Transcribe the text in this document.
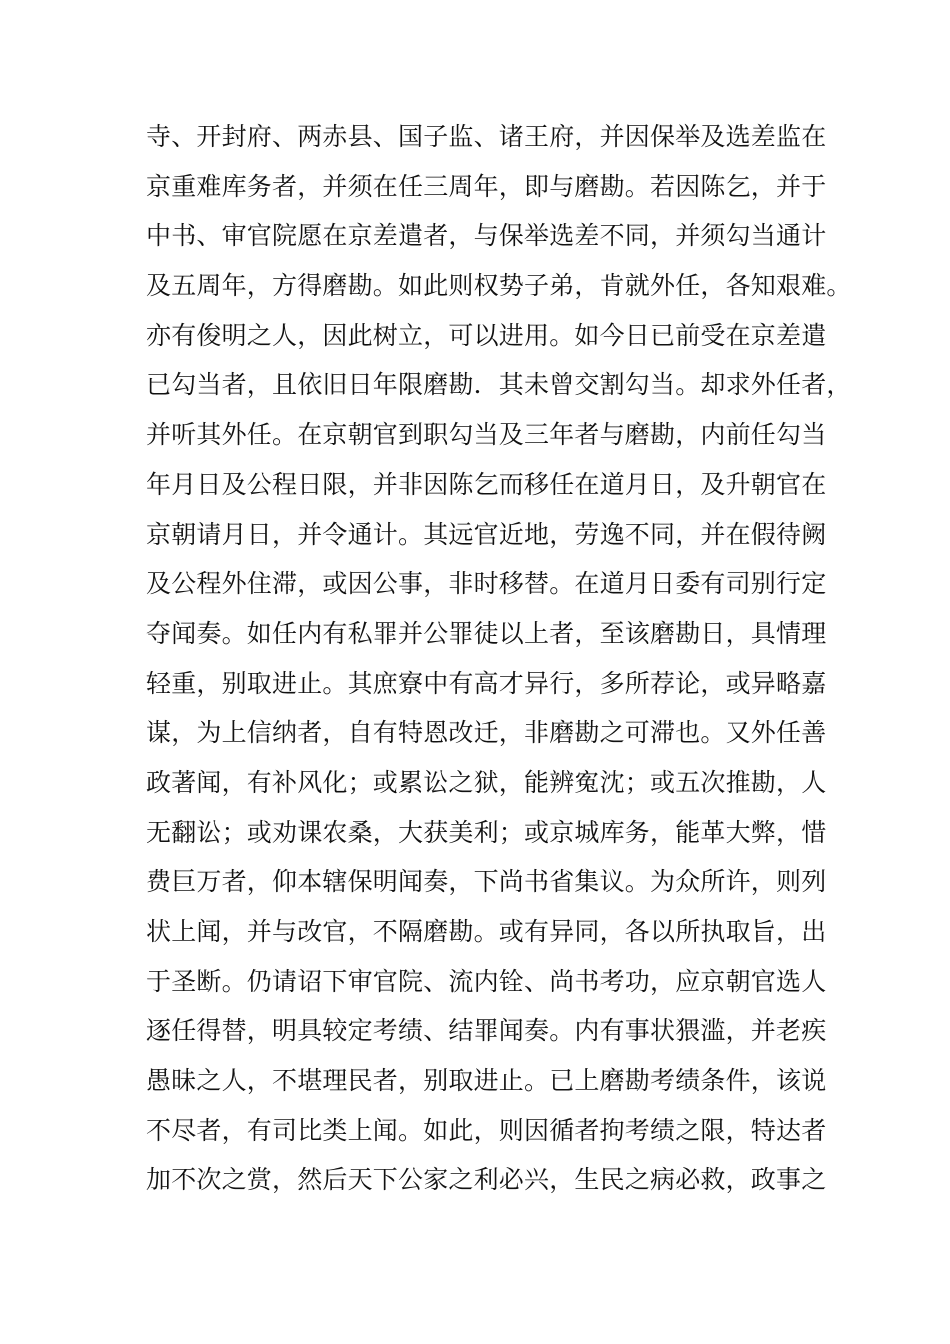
寺、开封府、两赤县、国子监、诸王府，并因保举及选差监在
京重难库务者，并须在任三周年，即与磨勘。若因陈乞，并于
中书、审官院愿在京差遣者，与保举选差不同，并须勾当通计
及五周年，方得磨勘。如此则权势子弟，肯就外任，各知艰难。
亦有俊明之人，因此树立，可以进用。如今日已前受在京差遣
已勾当者，且依旧日年限磨勘．其未曾交割勾当。却求外任者，
并听其外任。在京朝官到职勾当及三年者与磨勘，内前任勾当
年月日及公程日限，并非因陈乞而移任在道月日，及升朝官在
京朝请月日，并令通计。其远官近地，劳逸不同，并在假待阙
及公程外住滞，或因公事，非时移替。在道月日委有司别行定
夺闻奏。如任内有私罪并公罪徒以上者，至该磨勘日，具情理
轻重，别取进止。其庶寮中有高才异行，多所荐论，或异略嘉
谋，为上信纳者，自有特恩改迁，非磨勘之可滞也。又外任善
政著闻，有补风化；或累讼之狱，能辨寃沈；或五次推勘，人
无翻讼；或劝课农桑，大获美利；或京城库务，能革大弊，惜
费巨万者，仰本辖保明闻奏，下尚书省集议。为众所许，则列
状上闻，并与改官，不隔磨勘。或有异同，各以所执取旨，出
于圣断。仍请诏下审官院、流内铨、尚书考功，应京朝官选人
逐任得替，明具较定考绩、结罪闻奏。内有事状猥滥，并老疾
愚昧之人，不堪理民者，别取进止。已上磨勘考绩条件，该说
不尽者，有司比类上闻。如此，则因循者拘考绩之限，特达者
加不次之赏，然后天下公家之利必兴，生民之病必救，政事之
